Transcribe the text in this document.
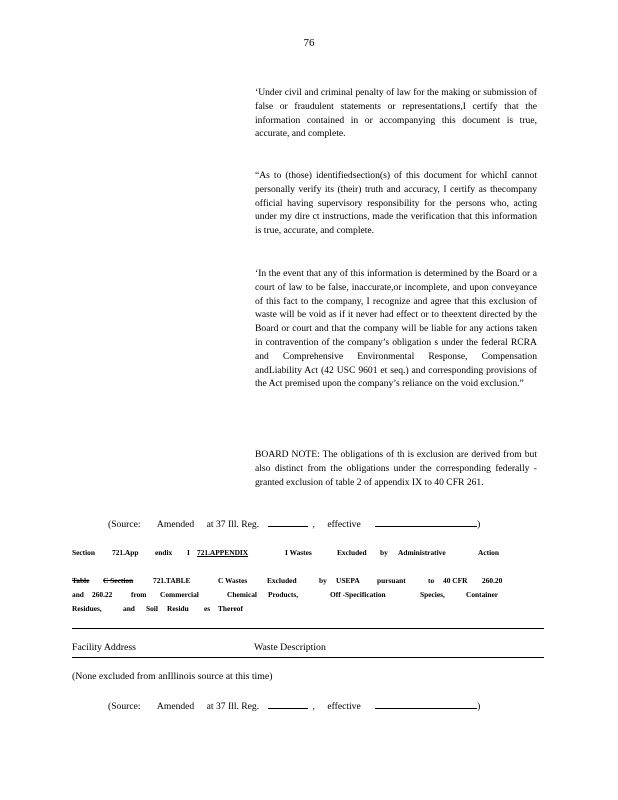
76
‘Under civil and criminal penalty of law for the making or submission of false or fraudulent statements or representations,I certify that the information contained in or accompanying this document is true, accurate, and complete.
“As to (those) identifiedsection(s) of this document for whichI cannot personally verify its (their) truth and accuracy, I certify as thecompany official having supervisory responsibility for the persons who, acting under my dire ct instructions, made the verification that this information is true, accurate, and complete.
‘In the event that any of this information is determined by the Board or a court of law to be false, inaccurate,or incomplete, and upon conveyance of this fact to the company, I recognize and agree that this exclusion of waste will be void as if it never had effect or to theextent directed by the Board or court and that the company will be liable for any actions taken in contravention of the company’s obligation s under the federal RCRA and Comprehensive Environmental Response, Compensation andLiability Act (42 USC 9601 et seq.) and corresponding provisions of the Act premised upon the company’s reliance on the void exclusion.”
BOARD NOTE: The obligations of th is exclusion are derived from but also distinct from the obligations under the corresponding federally -granted exclusion of table 2 of appendix IX to 40 CFR 261.
(Source: Amended at 37 Ill. Reg.	, effective	)
Section 721.App endix I 721.APPENDIX	I Wastes	Excluded by Administrative	Action
Table C Section	721.TABLE	C Wastes	Excluded	by USEPA pursuant	to 40 CFR 260.20
and 260.22	from Commercial	Chemical Products,	Off -Specification	Species,	Container
Residues,	and Soil Residu es Thereof
Facility Address	Waste Description
(None excluded from anIllinois source at this time)
(Source: Amended at 37 Ill. Reg.	, effective	)
